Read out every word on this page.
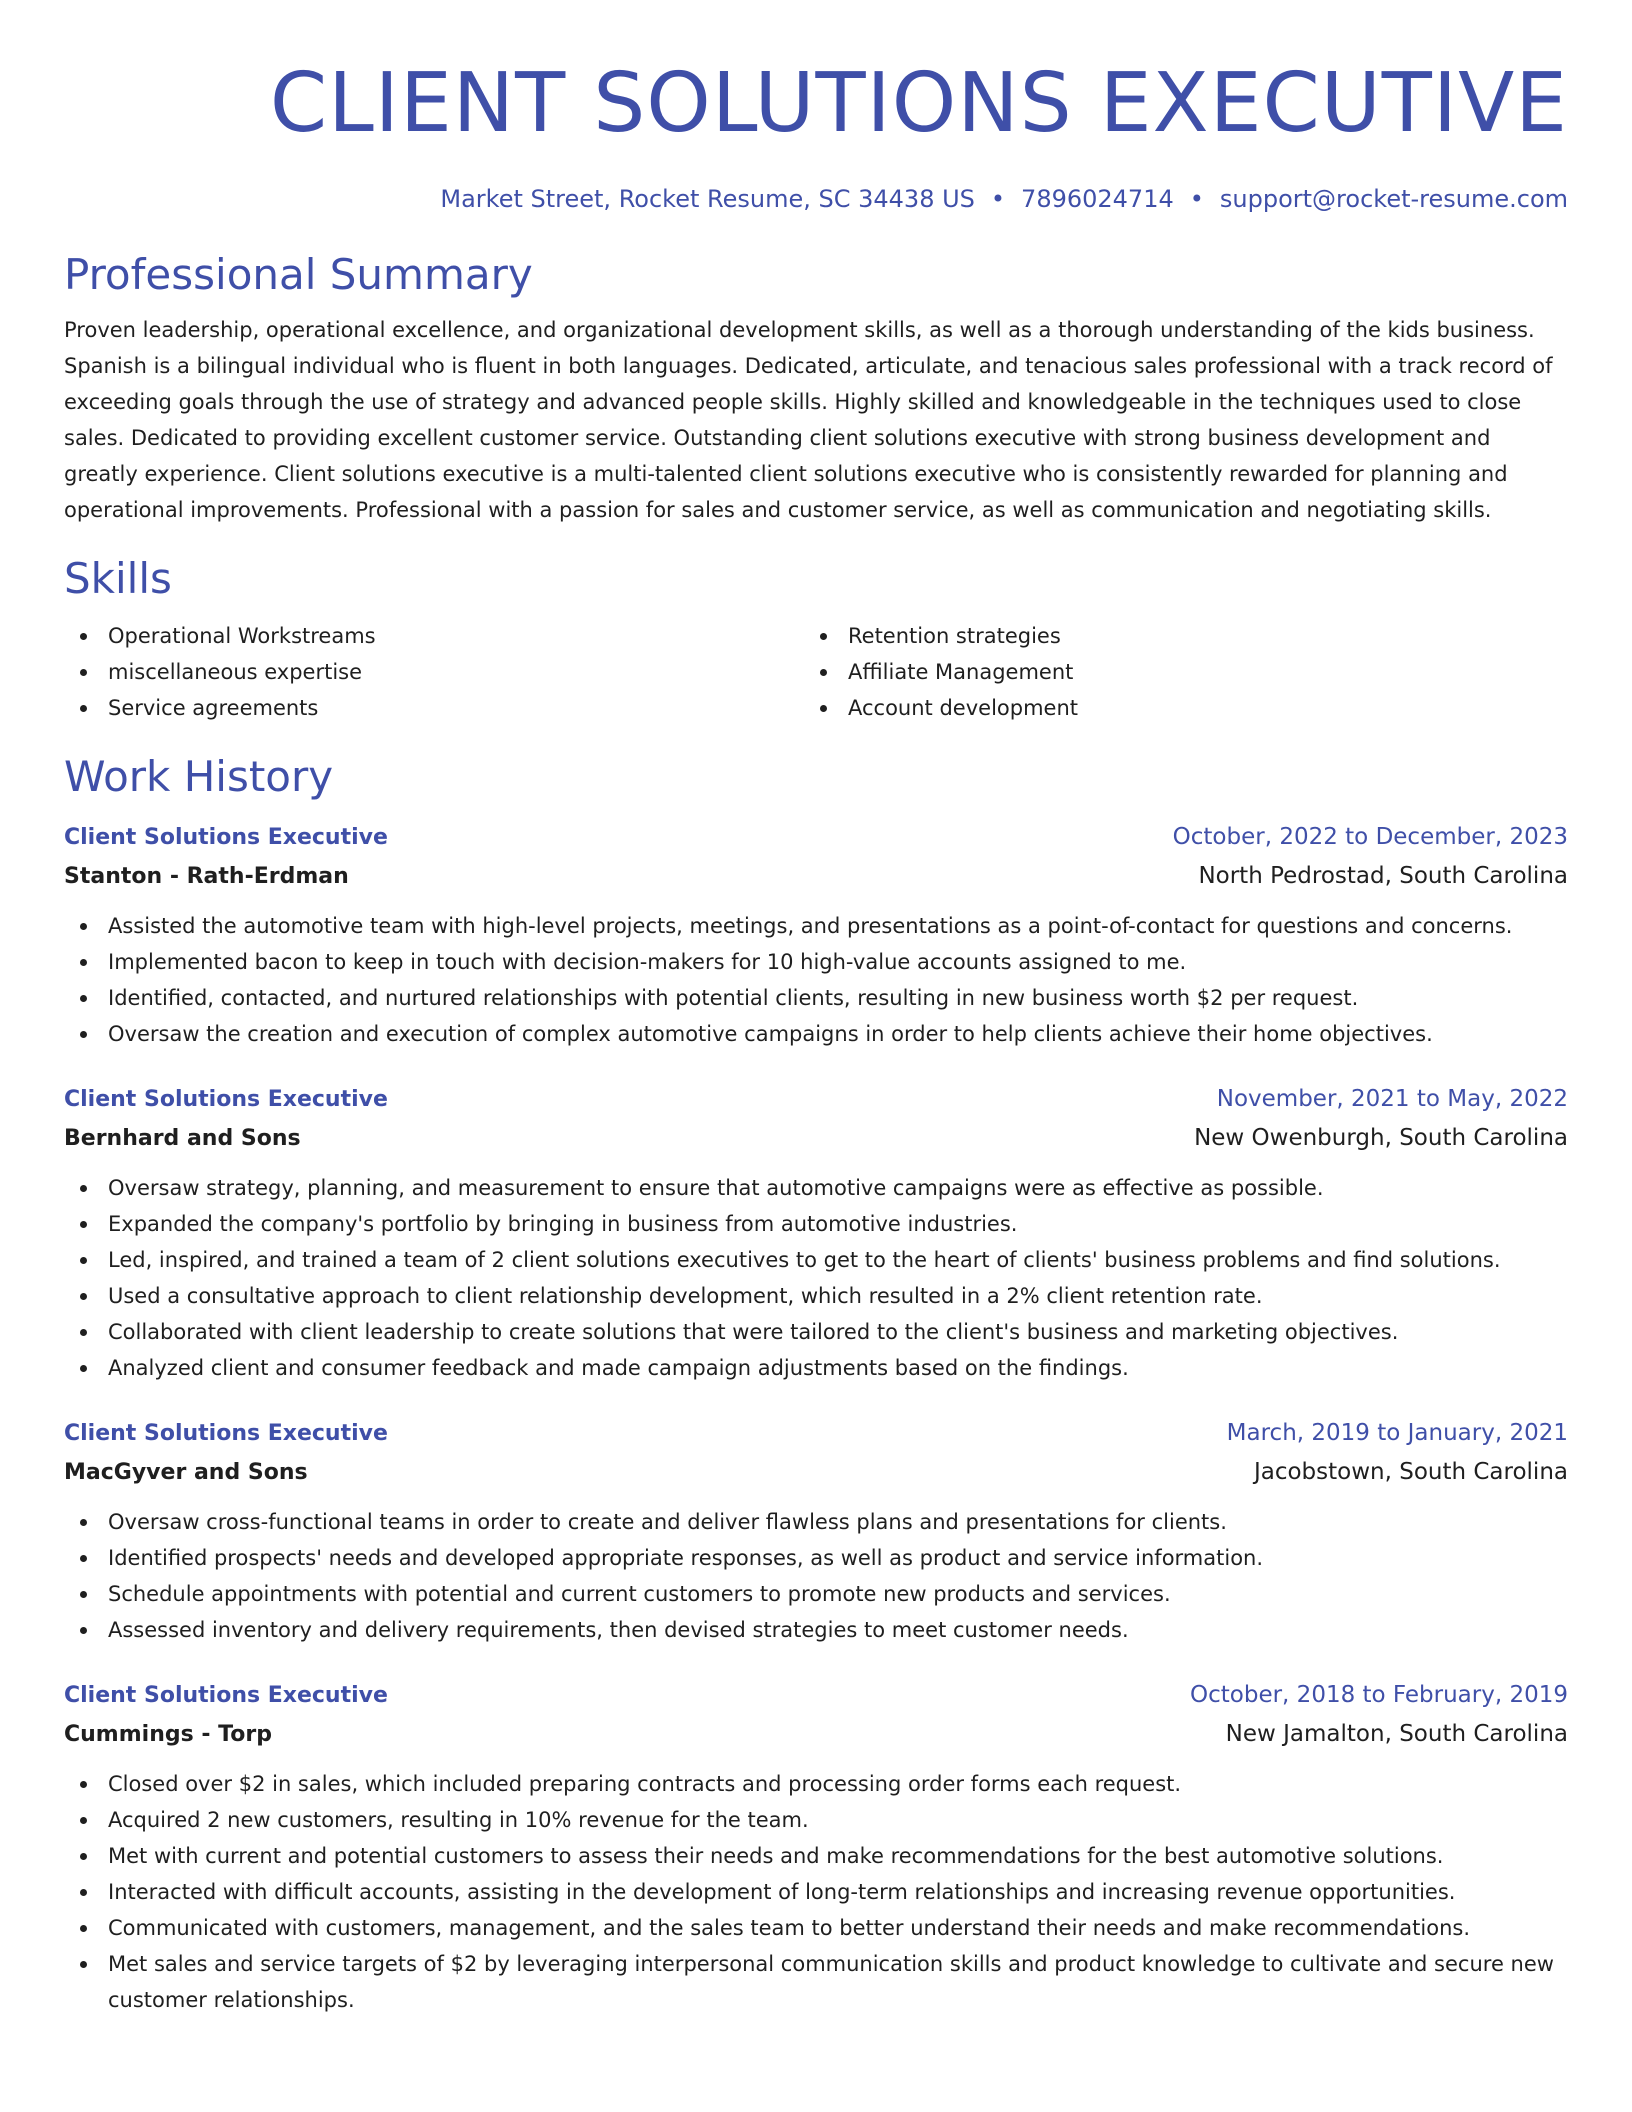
CLIENT SOLUTIONS EXECUTIVE
Market Street, Rocket Resume, SC 34438 US • 7896024714 • support@rocket-resume.com
Professional Summary
Proven leadership, operational excellence, and organizational development skills, as well as a thorough understanding of the kids business. Spanish is a bilingual individual who is fluent in both languages. Dedicated, articulate, and tenacious sales professional with a track record of exceeding goals through the use of strategy and advanced people skills. Highly skilled and knowledgeable in the techniques used to close sales. Dedicated to providing excellent customer service. Outstanding client solutions executive with strong business development and greatly experience. Client solutions executive is a multi-talented client solutions executive who is consistently rewarded for planning and operational improvements. Professional with a passion for sales and customer service, as well as communication and negotiating skills.
Skills
Operational Workstreams
miscellaneous expertise
Service agreements
Retention strategies
Affiliate Management
Account development
Work History
Client Solutions Executive	October, 2022 to December, 2023
Stanton - Rath-Erdman	North Pedrostad, South Carolina
Assisted the automotive team with high-level projects, meetings, and presentations as a point-of-contact for questions and concerns.
Implemented bacon to keep in touch with decision-makers for 10 high-value accounts assigned to me.
Identified, contacted, and nurtured relationships with potential clients, resulting in new business worth $2 per request.
Oversaw the creation and execution of complex automotive campaigns in order to help clients achieve their home objectives.
Client Solutions Executive	November, 2021 to May, 2022
Bernhard and Sons	New Owenburgh, South Carolina
Oversaw strategy, planning, and measurement to ensure that automotive campaigns were as effective as possible.
Expanded the company's portfolio by bringing in business from automotive industries.
Led, inspired, and trained a team of 2 client solutions executives to get to the heart of clients' business problems and find solutions.
Used a consultative approach to client relationship development, which resulted in a 2% client retention rate.
Collaborated with client leadership to create solutions that were tailored to the client's business and marketing objectives.
Analyzed client and consumer feedback and made campaign adjustments based on the findings.
Client Solutions Executive	March, 2019 to January, 2021
MacGyver and Sons	Jacobstown, South Carolina
Oversaw cross-functional teams in order to create and deliver flawless plans and presentations for clients.
Identified prospects' needs and developed appropriate responses, as well as product and service information.
Schedule appointments with potential and current customers to promote new products and services.
Assessed inventory and delivery requirements, then devised strategies to meet customer needs.
Client Solutions Executive	October, 2018 to February, 2019
Cummings - Torp	New Jamalton, South Carolina
Closed over $2 in sales, which included preparing contracts and processing order forms each request.
Acquired 2 new customers, resulting in 10% revenue for the team.
Met with current and potential customers to assess their needs and make recommendations for the best automotive solutions.
Interacted with difficult accounts, assisting in the development of long-term relationships and increasing revenue opportunities.
Communicated with customers, management, and the sales team to better understand their needs and make recommendations.
Met sales and service targets of $2 by leveraging interpersonal communication skills and product knowledge to cultivate and secure new customer relationships.
